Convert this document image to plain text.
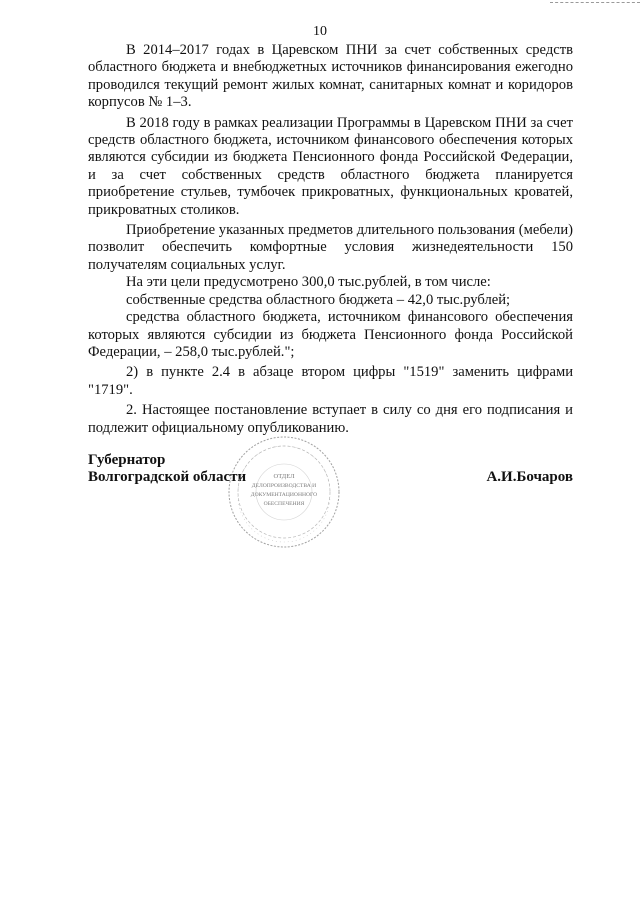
10

В 2014–2017 годах в Царевском ПНИ за счет собственных средств областного бюджета и внебюджетных источников финансирования ежегодно проводился текущий ремонт жилых комнат, санитарных комнат и коридоров корпусов № 1–3.

В 2018 году в рамках реализации Программы в Царевском ПНИ за счет средств областного бюджета, источником финансового обеспечения которых являются субсидии из бюджета Пенсионного фонда Российской Федерации, и за счет собственных средств областного бюджета планируется приобретение стульев, тумбочек прикроватных, функциональных кроватей, прикроватных столиков.

Приобретение указанных предметов длительного пользования (мебели) позволит обеспечить комфортные условия жизнедеятельности 150 получателям социальных услуг.

На эти цели предусмотрено 300,0 тыс.рублей, в том числе:

собственные средства областного бюджета – 42,0 тыс.рублей;

средства областного бюджета, источником финансового обеспечения которых являются субсидии из бюджета Пенсионного фонда Российской Федерации, – 258,0 тыс.рублей.";

2) в пункте 2.4 в абзаце втором цифры "1519" заменить цифрами "1719".

2. Настоящее постановление вступает в силу со дня его подписания и подлежит официальному опубликованию.

Губернатор
Волгоградской области	А.И.Бочаров
ОТДЕЛ
ДЕЛОПРОИЗВОДСТВА И
ДОКУМЕНТАЦИОННОГО
ОБЕСПЕЧЕНИЯ
